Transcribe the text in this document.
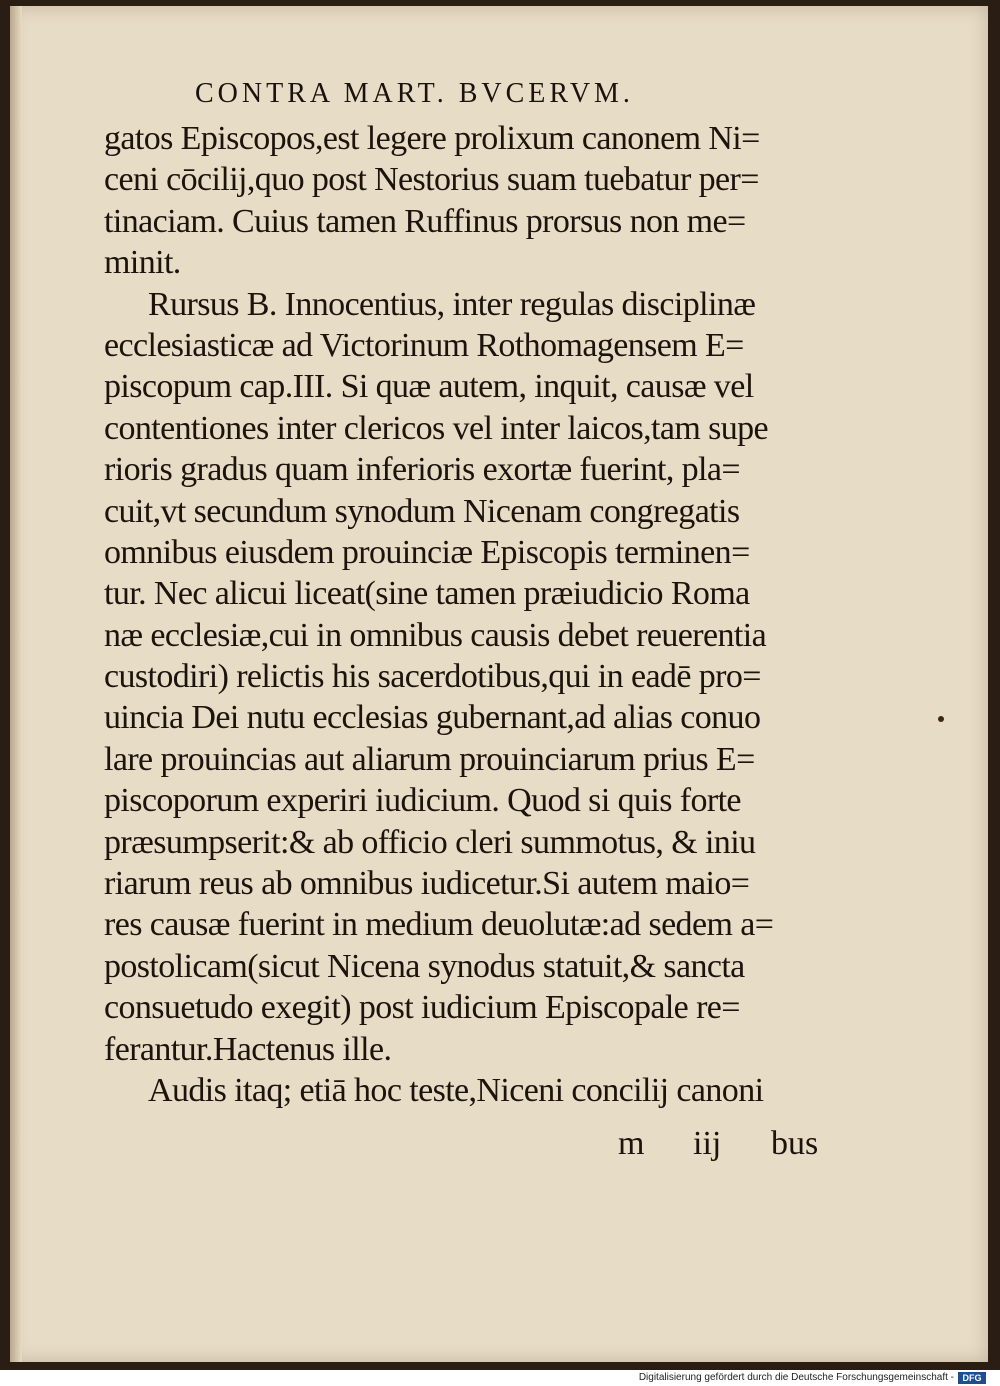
CONTRA MART. BVCERVM.
gatos Episcopos,est legere prolixum canonem Ni=
ceni cōcilij,quo post Nestorius suam tuebatur per=
tinaciam. Cuius tamen Ruffinus prorsus non me=
minit.
Rursus B. Innocentius, inter regulas disciplinæ
ecclesiasticæ ad Victorinum Rothomagensem E=
piscopum cap.III. Si quæ autem, inquit, causæ vel
contentiones inter clericos vel inter laicos,tam supe
rioris gradus quam inferioris exortæ fuerint, pla=
cuit,vt secundum synodum Nicenam congregatis
omnibus eiusdem prouinciæ Episcopis terminen=
tur. Nec alicui liceat(sine tamen præiudicio Roma
næ ecclesiæ,cui in omnibus causis debet reuerentia
custodiri) relictis his sacerdotibus,qui in eadē pro=
uincia Dei nutu ecclesias gubernant,ad alias conuo
lare prouincias aut aliarum prouinciarum prius E=
piscoporum experiri iudicium. Quod si quis forte
præsumpserit:& ab officio cleri summotus, & iniu
riarum reus ab omnibus iudicetur.Si autem maio=
res causæ fuerint in medium deuolutæ:ad sedem a=
postolicam(sicut Nicena synodus statuit,& sancta
consuetudo exegit) post iudicium Episcopale re=
ferantur.Hactenus ille.
Audis itaq; etiā hoc teste,Niceni concilij canoni
m iij bus
Digitalisierung gefördert durch die Deutsche Forschungsgemeinschaft - DFG
